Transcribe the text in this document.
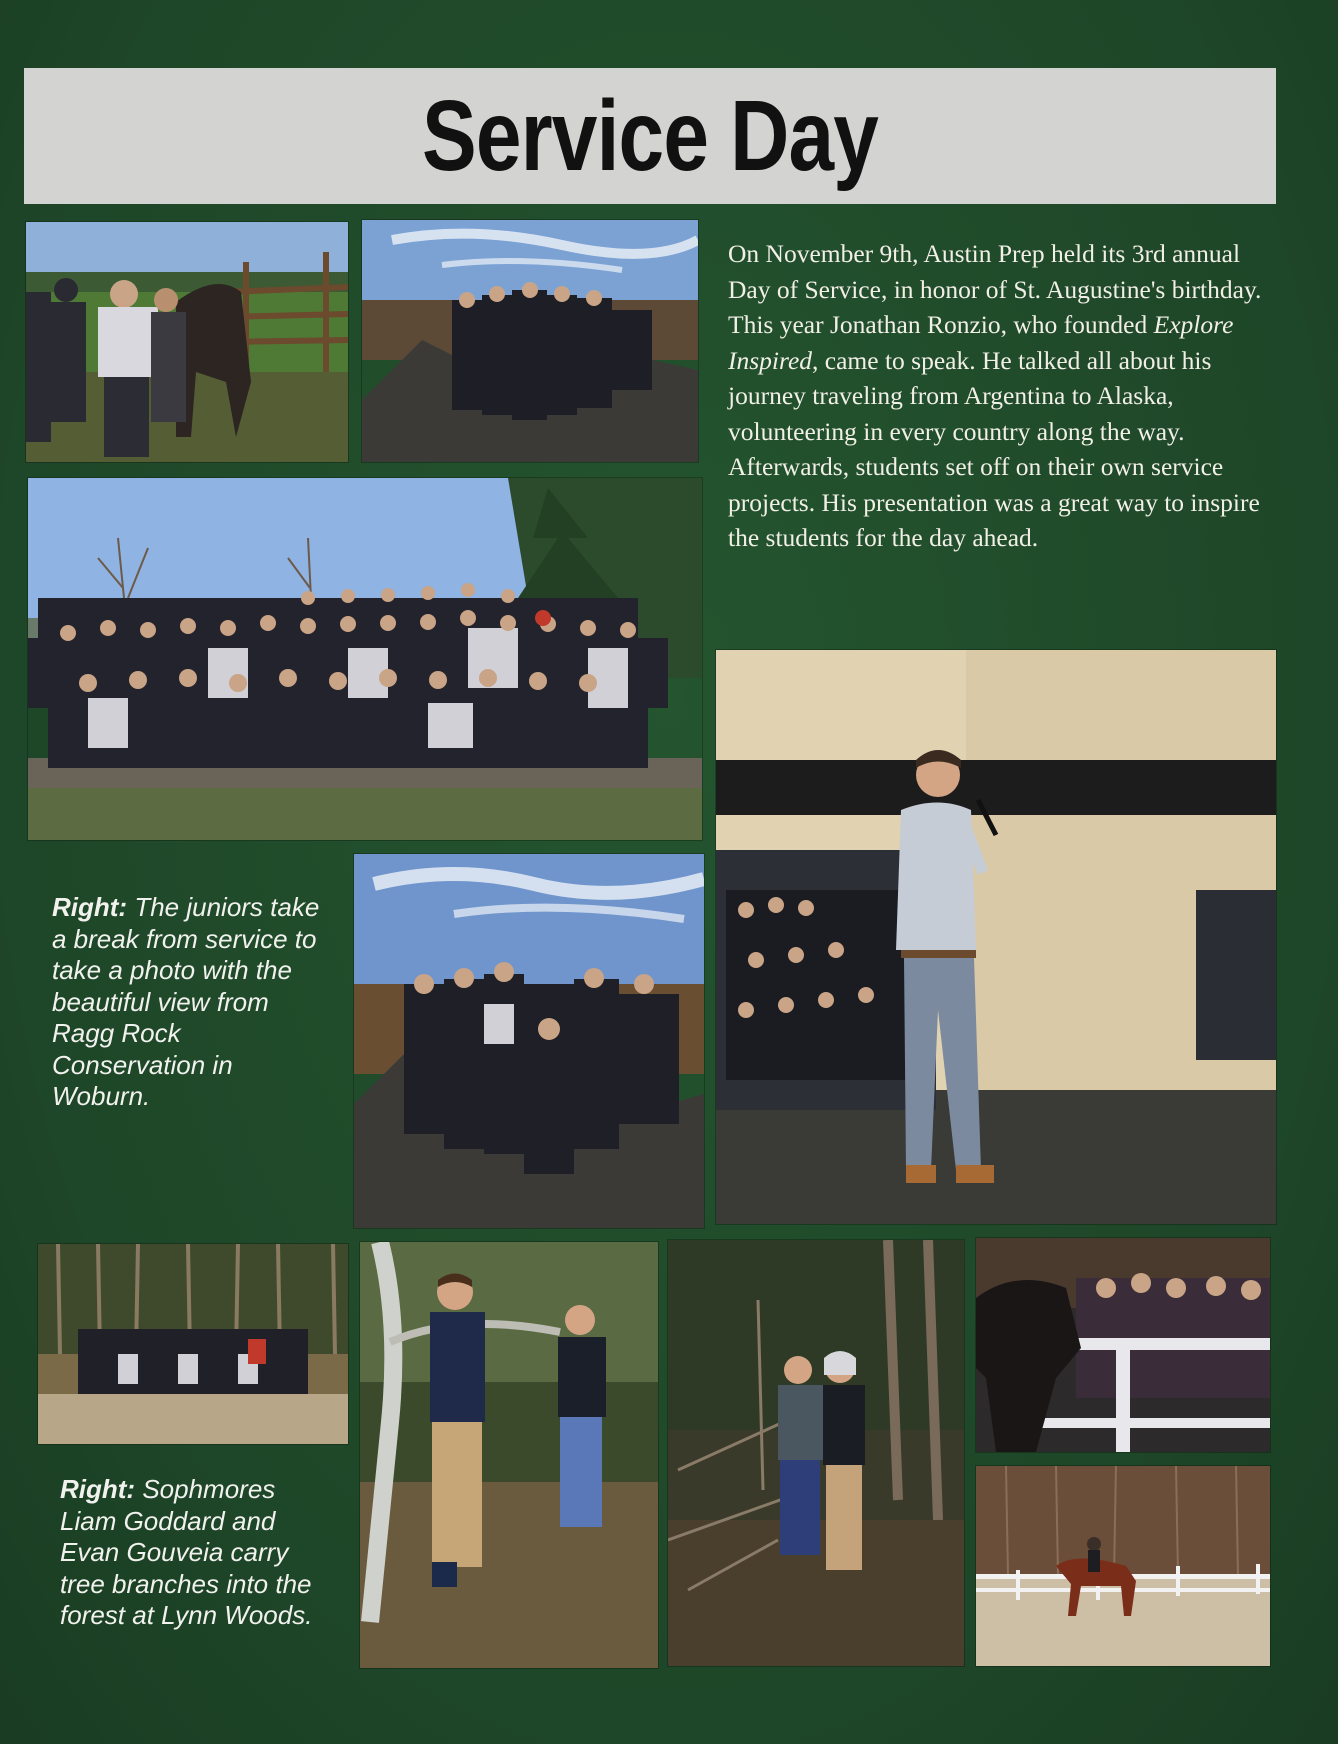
Service Day

On November 9th, Austin Prep held its 3rd annual Day of Service, in honor of St. Augustine's birthday. This year Jonathan Ronzio, who founded Explore Inspired, came to speak. He talked all about his journey traveling from Argentina to Alaska, volunteering in every country along the way. Afterwards, students set off on their own service projects. His presentation was a great way to inspire the students for the day ahead.

Right: The juniors take a break from service to take a photo with the beautiful view from Ragg Rock Conservation in Woburn.

Right: Sophmores Liam Goddard and Evan Gouveia carry tree branches into the forest at Lynn Woods.
